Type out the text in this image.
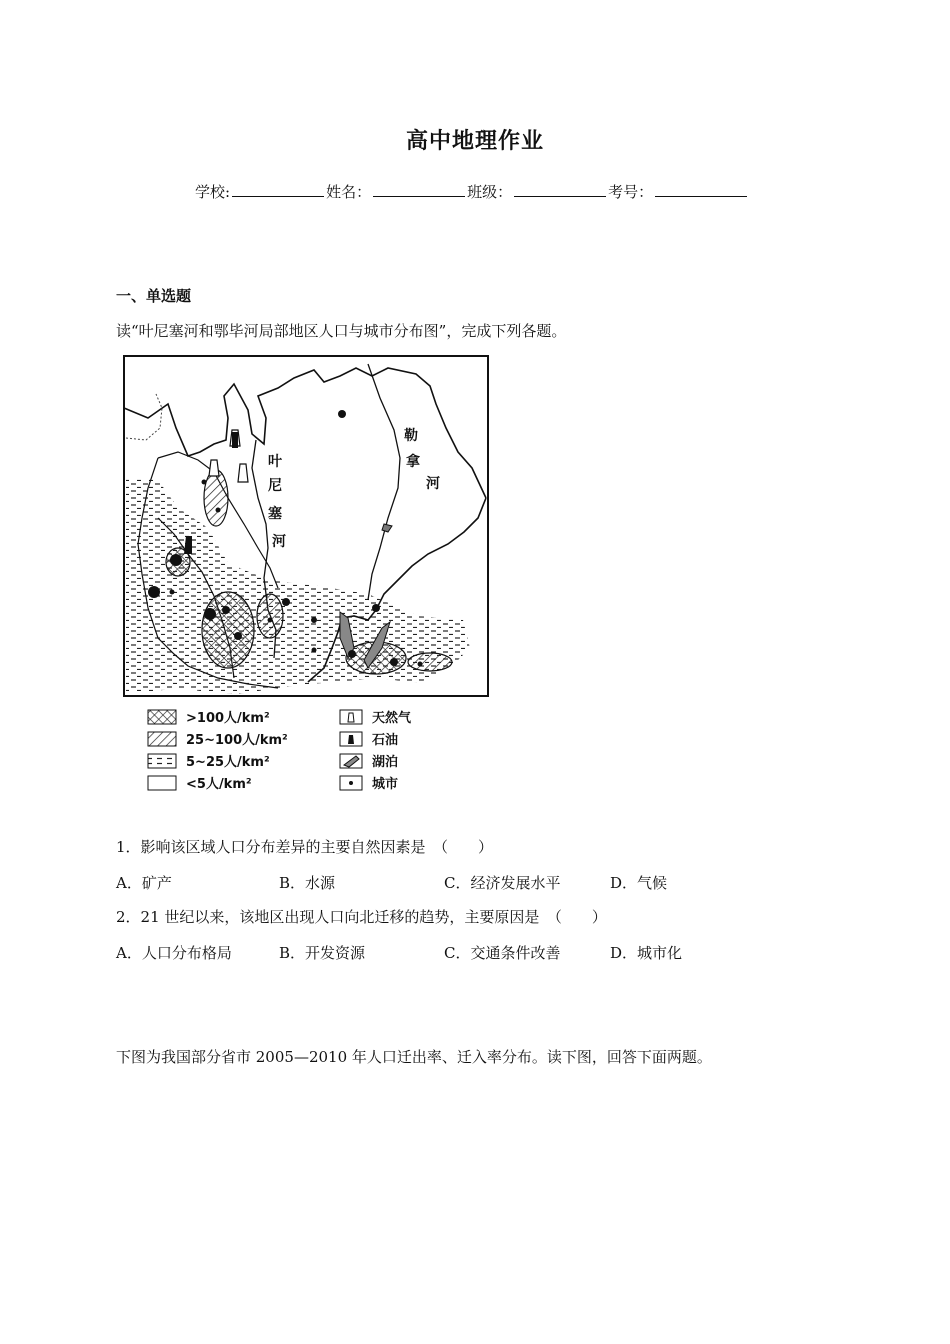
高中地理作业
学校:	姓名：	班级：	考号：
一、单选题
读“叶尼塞河和鄂毕河局部地区人口与城市分布图”，完成下列各题。
叶
尼
塞
河
勒
拿
河
>100人/km²
25~100人/km²
5~25人/km²
<5人/km²
天然气
石油
湖泊
城市
1．影响该区域人口分布差异的主要自然因素是　（　　）
A．矿产	B．水源	C．经济发展水平	D．气候
2．21 世纪以来，该地区出现人口向北迁移的趋势，主要原因是　（　　）
A．人口分布格局	B．开发资源	C．交通条件改善	D．城市化
下图为我国部分省市 2005—2010 年人口迁出率、迁入率分布。读下图，回答下面两题。
